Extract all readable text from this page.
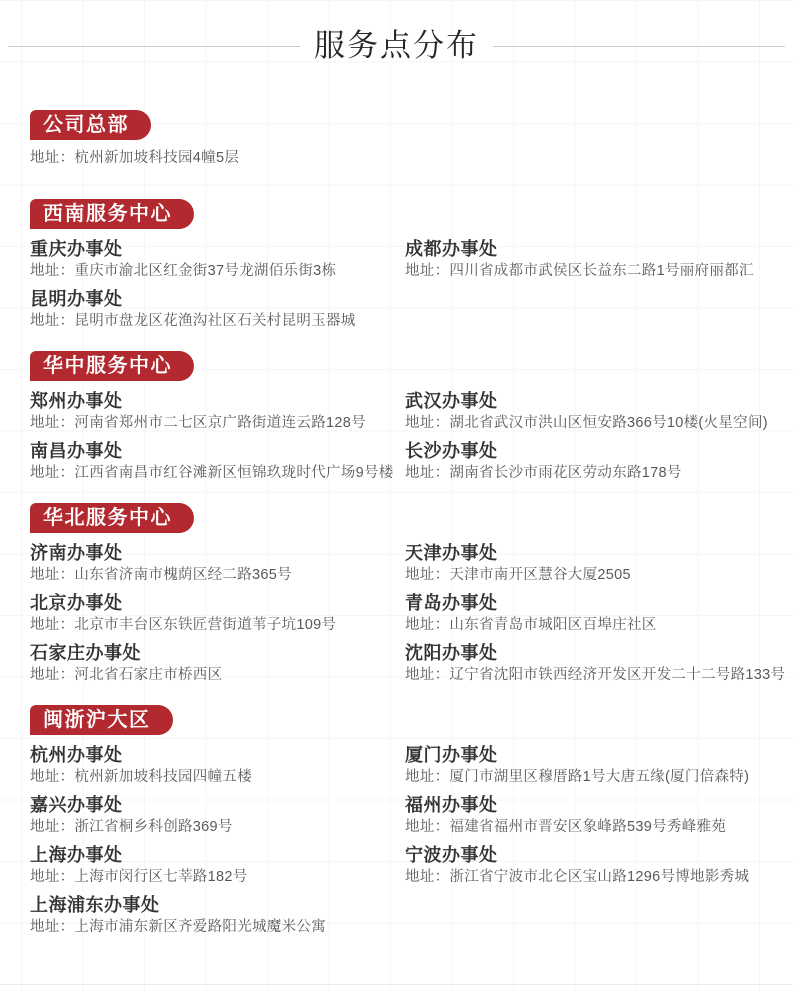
服务点分布
公司总部
地址：杭州新加坡科技园4幢5层
西南服务中心
重庆办事处
地址：重庆市渝北区红金街37号龙湖佰乐街3栋
成都办事处
地址：四川省成都市武侯区长益东二路1号丽府丽都汇
昆明办事处
地址：昆明市盘龙区花渔沟社区石关村昆明玉器城
华中服务中心
郑州办事处
地址：河南省郑州市二七区京广路街道连云路128号
武汉办事处
地址：湖北省武汉市洪山区恒安路366号10楼(火星空间)
南昌办事处
地址：江西省南昌市红谷滩新区恒锦玖珑时代广场9号楼
长沙办事处
地址：湖南省长沙市雨花区劳动东路178号
华北服务中心
济南办事处
地址：山东省济南市槐荫区经二路365号
天津办事处
地址：天津市南开区慧谷大厦2505
北京办事处
地址：北京市丰台区东铁匠营街道苇子坑109号
青岛办事处
地址：山东省青岛市城阳区百埠庄社区
石家庄办事处
地址：河北省石家庄市桥西区
沈阳办事处
地址：辽宁省沈阳市铁西经济开发区开发二十二号路133号
闽浙沪大区
杭州办事处
地址：杭州新加坡科技园四幢五楼
厦门办事处
地址：厦门市湖里区穆厝路1号大唐五缘(厦门倍森特)
嘉兴办事处
地址：浙江省桐乡科创路369号
福州办事处
地址：福建省福州市晋安区象峰路539号秀峰雅苑
上海办事处
地址：上海市闵行区七莘路182号
宁波办事处
地址：浙江省宁波市北仑区宝山路1296号博地影秀城
上海浦东办事处
地址：上海市浦东新区齐爱路阳光城魔米公寓
